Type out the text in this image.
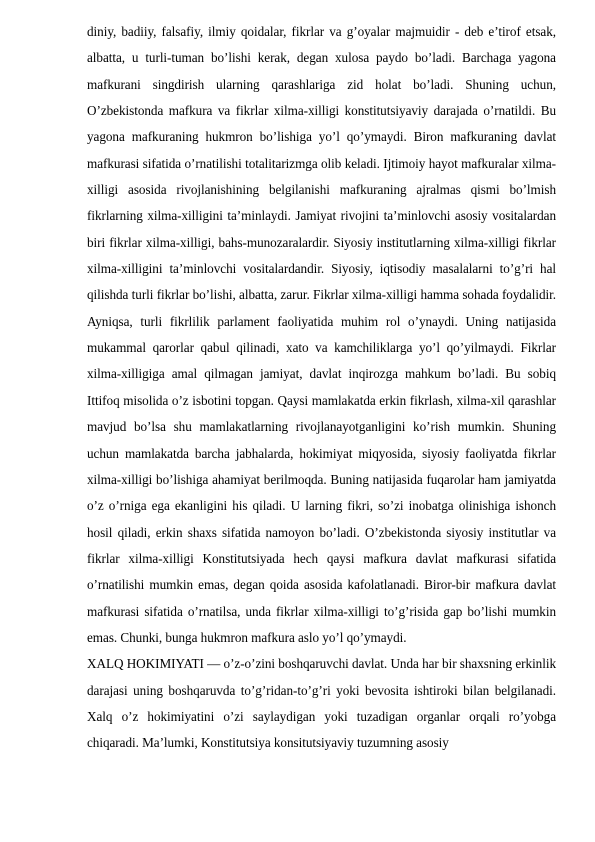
diniy, badiiy, falsafiy, ilmiy qoidalar, fikrlar va g’oyalar majmuidir - deb e’tirof etsak, albatta, u turli-tuman bo’lishi kerak, degan xulosa paydo bo’ladi. Barchaga yagona mafkurani singdirish ularning qarashlariga zid holat bo’ladi. Shuning uchun, O’zbekistonda mafkura va fikrlar xilma-xilligi konstitutsiyaviy darajada o’rnatildi. Bu yagona mafkuraning hukmron bo’lishiga yo’l qo’ymaydi. Biron mafkuraning davlat mafkurasi sifatida o’rnatilishi totalitarizmga olib keladi. Ijtimoiy hayot mafkuralar xilma-xilligi asosida rivojlanishining belgilanishi mafkuraning ajralmas qismi bo’lmish fikrlarning xilma-xilligini ta’minlaydi. Jamiyat rivojini ta’minlovchi asosiy vositalardan biri fikrlar xilma-xilligi, bahs-munozaralardir. Siyosiy institutlarning xilma-xilligi fikrlar xilma-xilligini ta’minlovchi vositalardandir. Siyosiy, iqtisodiy masalalarni to’g’ri hal qilishda turli fikrlar bo’lishi, albatta, zarur. Fikrlar xilma-xilligi hamma sohada foydalidir. Ayniqsa, turli fikrlilik parlament faoliyatida muhim rol o’ynaydi. Uning natijasida mukammal qarorlar qabul qilinadi, xato va kamchiliklarga yo’l qo’yilmaydi. Fikrlar xilma-xilligiga amal qilmagan jamiyat, davlat inqirozga mahkum bo’ladi. Bu sobiq Ittifoq misolida o’z isbotini topgan. Qaysi mamlakatda erkin fikrlash, xilma-xil qarashlar mavjud bo’lsa shu mamlakatlarning rivojlanayotganligini ko’rish mumkin. Shuning uchun mamlakatda barcha jabhalarda, hokimiyat miqyosida, siyosiy faoliyatda fikrlar xilma-xilligi bo’lishiga ahamiyat berilmoqda. Buning natijasida fuqarolar ham jamiyatda o’z o’rniga ega ekanligini his qiladi. U larning fikri, so’zi inobatga olinishiga ishonch hosil qiladi, erkin shaxs sifatida namoyon bo’ladi. O’zbekistonda siyosiy institutlar va fikrlar xilma-xilligi Konstitutsiyada hech qaysi mafkura davlat mafkurasi sifatida o’rnatilishi mumkin emas, degan qoida asosida kafolatlanadi. Biror-bir mafkura davlat mafkurasi sifatida o’rnatilsa, unda fikrlar xilma-xilligi to’g’risida gap bo’lishi mumkin emas. Chunki, bunga hukmron mafkura aslo yo’l qo’ymaydi.

XALQ HOKIMIYATI — o’z-o’zini boshqaruvchi davlat. Unda har bir shaxsning erkinlik darajasi uning boshqaruvda to’g’ridan-to’g’ri yoki bevosita ishtiroki bilan belgilanadi. Xalq o’z hokimiyatini o’zi saylaydigan yoki tuzadigan organlar orqali ro’yobga chiqaradi. Ma’lumki, Konstitutsiya konsitutsiyaviy tuzumning asosiy
